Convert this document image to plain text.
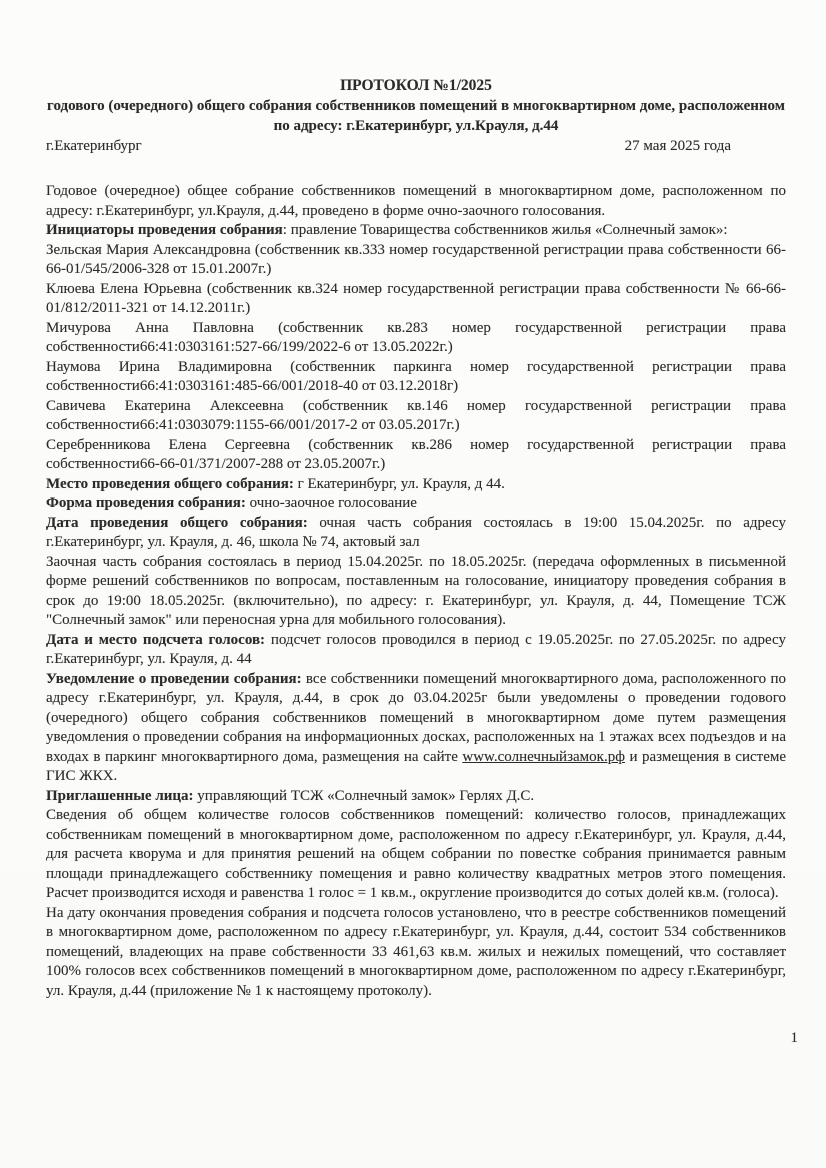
ПРОТОКОЛ №1/2025
годового (очередного) общего собрания собственников помещений в многоквартирном доме, расположенном по адресу: г.Екатеринбург, ул.Крауля, д.44
г.Екатеринбург	27 мая 2025 года

Годовое (очередное) общее собрание собственников помещений в многоквартирном доме, расположенном по адресу: г.Екатеринбург, ул.Крауля, д.44, проведено в форме очно-заочного голосования.

Инициаторы проведения собрания: правление Товарищества собственников жилья «Солнечный замок»:

Зельская Мария Александровна (собственник кв.333 номер государственной регистрации права собственности 66-66-01/545/2006-328 от 15.01.2007г.)

Клюева Елена Юрьевна (собственник кв.324 номер государственной регистрации права собственности № 66-66-01/812/2011-321 от 14.12.2011г.)

Мичурова Анна Павловна (собственник кв.283 номер государственной регистрации права собственности66:41:0303161:527-66/199/2022-6 от 13.05.2022г.)

Наумова Ирина Владимировна (собственник паркинга номер государственной регистрации права собственности66:41:0303161:485-66/001/2018-40 от 03.12.2018г)

Савичева Екатерина Алексеевна (собственник кв.146 номер государственной регистрации права собственности66:41:0303079:1155-66/001/2017-2 от 03.05.2017г.)

Серебренникова Елена Сергеевна (собственник кв.286 номер государственной регистрации права собственности66-66-01/371/2007-288 от 23.05.2007г.)

Место проведения общего собрания: г Екатеринбург, ул. Крауля, д 44.

Форма проведения собрания: очно-заочное голосование

Дата проведения общего собрания: очная часть собрания состоялась в 19:00 15.04.2025г. по адресу г.Екатеринбург, ул. Крауля, д. 46, школа № 74, актовый зал

Заочная часть собрания состоялась в период 15.04.2025г. по 18.05.2025г. (передача оформленных в письменной форме решений собственников по вопросам, поставленным на голосование, инициатору проведения собрания в срок до 19:00 18.05.2025г. (включительно), по адресу: г. Екатеринбург, ул. Крауля, д. 44, Помещение ТСЖ "Солнечный замок" или переносная урна для мобильного голосования).

Дата и место подсчета голосов: подсчет голосов проводился в период с 19.05.2025г. по 27.05.2025г. по адресу г.Екатеринбург, ул. Крауля, д. 44

Уведомление о проведении собрания: все собственники помещений многоквартирного дома, расположенного по адресу г.Екатеринбург, ул. Крауля, д.44, в срок до 03.04.2025г были уведомлены о проведении годового (очередного) общего собрания собственников помещений в многоквартирном доме путем размещения уведомления о проведении собрания на информационных досках, расположенных на 1 этажах всех подъездов и на входах в паркинг многоквартирного дома, размещения на сайте www.солнечныйзамок.рф и размещения в системе ГИС ЖКХ.

Приглашенные лица: управляющий ТСЖ «Солнечный замок» Герлях Д.С.

Сведения об общем количестве голосов собственников помещений: количество голосов, принадлежащих собственникам помещений в многоквартирном доме, расположенном по адресу г.Екатеринбург, ул. Крауля, д.44, для расчета кворума и для принятия решений на общем собрании по повестке собрания принимается равным площади принадлежащего собственнику помещения и равно количеству квадратных метров этого помещения. Расчет производится исходя и равенства 1 голос = 1 кв.м., округление производится до сотых долей кв.м. (голоса).

На дату окончания проведения собрания и подсчета голосов установлено, что в реестре собственников помещений в многоквартирном доме, расположенном по адресу г.Екатеринбург, ул. Крауля, д.44, состоит 534 собственников помещений, владеющих на праве собственности 33 461,63 кв.м. жилых и нежилых помещений, что составляет 100% голосов всех собственников помещений в многоквартирном доме, расположенном по адресу г.Екатеринбург, ул. Крауля, д.44 (приложение № 1 к настоящему протоколу).

1
